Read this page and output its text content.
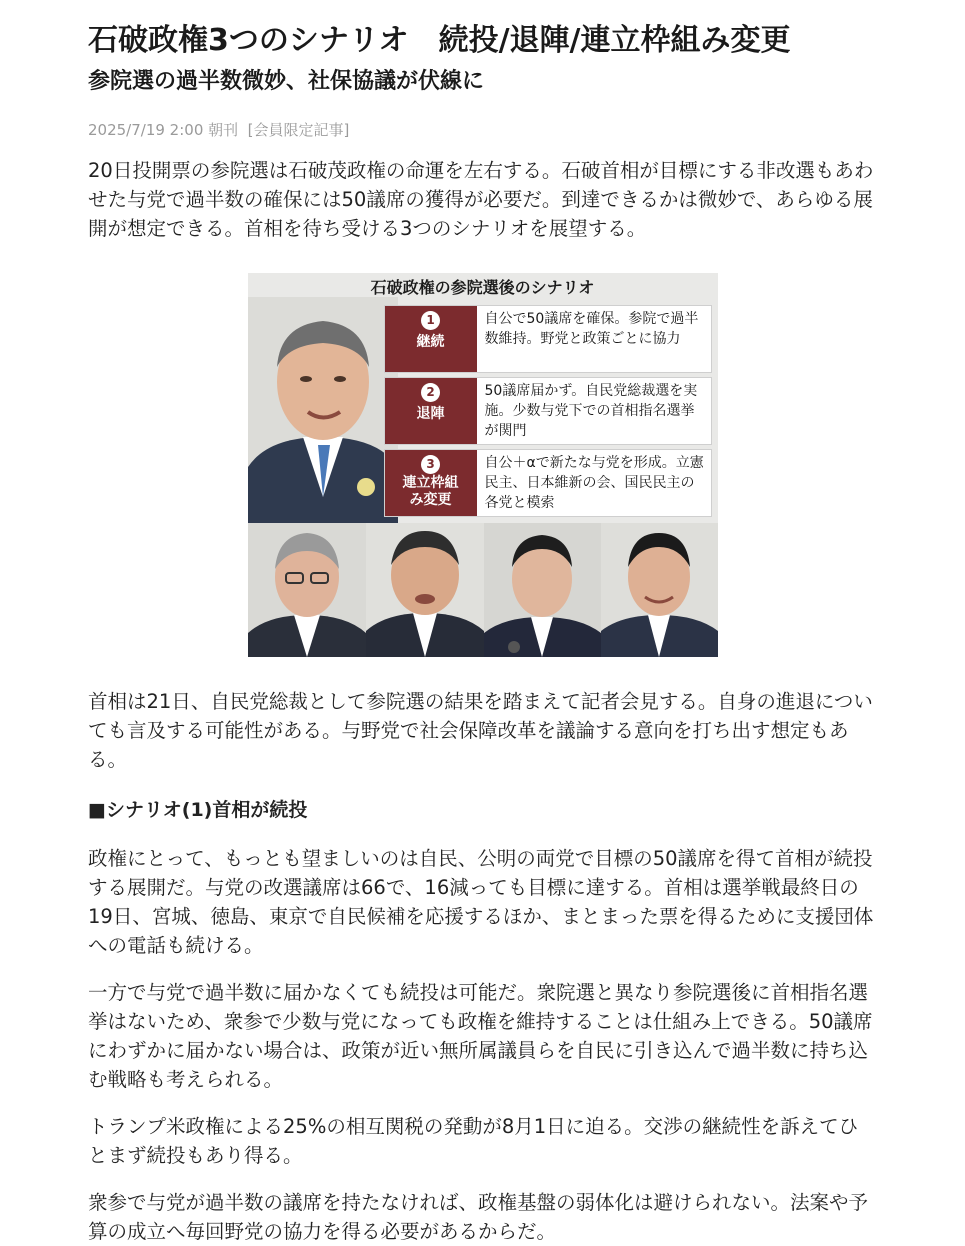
石破政権3つのシナリオ　続投/退陣/連立枠組み変更
参院選の過半数微妙、社保協議が伏線に
2025/7/19 2:00 朝刊  [会員限定記事]

20日投開票の参院選は石破茂政権の命運を左右する。石破首相が目標にする非改選もあわせた与党で過半数の確保には50議席の獲得が必要だ。到達できるかは微妙で、あらゆる展開が想定できる。首相を待ち受ける3つのシナリオを展望する。

石破政権の参院選後のシナリオ
1
継続
自公で50議席を確保。参院で過半数維持。野党と政策ごとに協力
2
退陣
50議席届かず。自民党総裁選を実施。少数与党下での首相指名選挙が関門
3
連立枠組み変更
自公＋αで新たな与党を形成。立憲民主、日本維新の会、国民民主の各党と模索

首相は21日、自民党総裁として参院選の結果を踏まえて記者会見する。自身の進退についても言及する可能性がある。与野党で社会保障改革を議論する意向を打ち出す想定もある。

■シナリオ(1)首相が続投

政権にとって、もっとも望ましいのは自民、公明の両党で目標の50議席を得て首相が続投する展開だ。与党の改選議席は66で、16減っても目標に達する。首相は選挙戦最終日の19日、宮城、徳島、東京で自民候補を応援するほか、まとまった票を得るために支援団体への電話も続ける。

一方で与党で過半数に届かなくても続投は可能だ。衆院選と異なり参院選後に首相指名選挙はないため、衆参で少数与党になっても政権を維持することは仕組み上できる。50議席にわずかに届かない場合は、政策が近い無所属議員らを自民に引き込んで過半数に持ち込む戦略も考えられる。

トランプ米政権による25%の相互関税の発動が8月1日に迫る。交渉の継続性を訴えてひとまず続投もあり得る。

衆参で与党が過半数の議席を持たなければ、政権基盤の弱体化は避けられない。法案や予算の成立へ毎回野党の協力を得る必要があるからだ。
